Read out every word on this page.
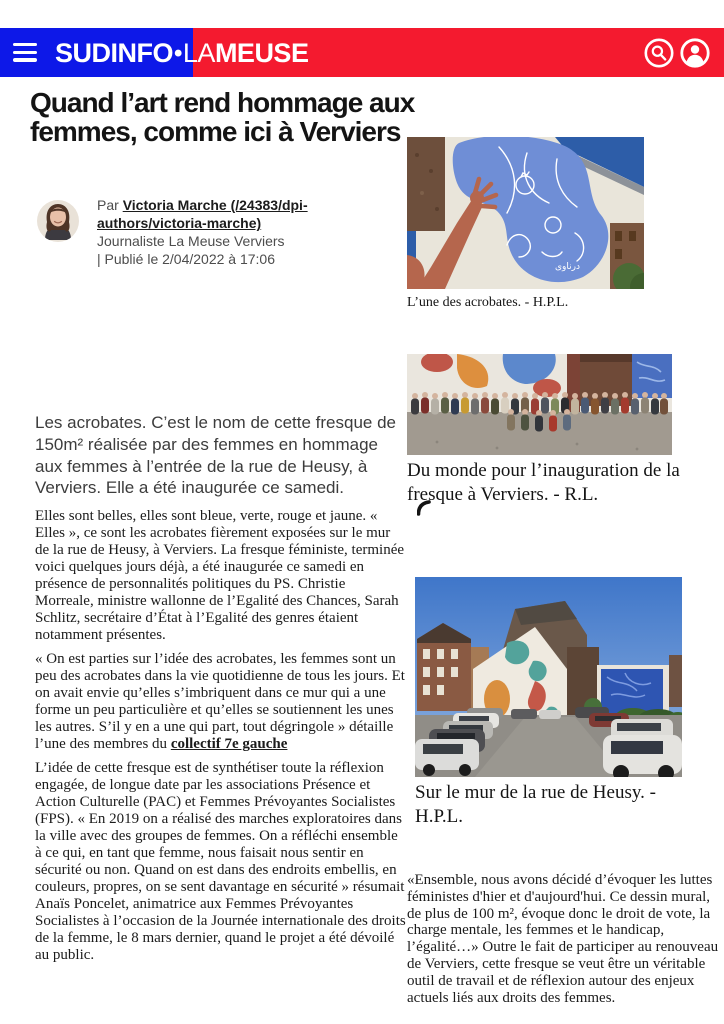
SUDINFO•LAMEUSE
Quand l’art rend hommage aux femmes, comme ici à Verviers
Par Victoria Marche (/24383/dpi-authors/victoria-marche)
Journaliste La Meuse Verviers
| Publié le 2/04/2022 à 17:06	درناوی
L’une des acrobates. - H.P.L.
Du monde pour l’inauguration de la fresque à Verviers. - R.L.
Sur le mur de la rue de Heusy. - H.P.L.

Les acrobates. C’est le nom de cette fresque de 150m² réalisée par des femmes en hommage aux femmes à l’entrée de la rue de Heusy, à Verviers. Elle a été inaugurée ce samedi.

Elles sont belles, elles sont bleue, verte, rouge et jaune. « Elles », ce sont les acrobates fièrement exposées sur le mur de la rue de Heusy, à Verviers. La fresque féministe, terminée voici quelques jours déjà, a été inaugurée ce samedi en présence de personnalités politiques du PS. Christie Morreale, ministre wallonne de l’Egalité des Chances, Sarah Schlitz, secrétaire d’État à l’Egalité des genres étaient notamment présentes.

« On est parties sur l’idée des acrobates, les femmes sont un peu des acrobates dans la vie quotidienne de tous les jours. Et on avait envie qu’elles s’imbriquent dans ce mur qui a une forme un peu particulière et qu’elles se soutiennent les unes les autres. S’il y en a une qui part, tout dégringole » détaille l’une des membres du collectif 7e gauche

L’idée de cette fresque est de synthétiser toute la réflexion engagée, de longue date par les associations Présence et Action Culturelle (PAC) et Femmes Prévoyantes Socialistes (FPS). « En 2019 on a réalisé des marches exploratoires dans la ville avec des groupes de femmes. On a réfléchi ensemble à ce qui, en tant que femme, nous faisait nous sentir en sécurité ou non. Quand on est dans des endroits embellis, en couleurs, propres, on se sent davantage en sécurité » résumait Anaïs Poncelet, animatrice aux Femmes Prévoyantes Socialistes à l’occasion de la Journée internationale des droits de la femme, le 8 mars dernier, quand le projet a été dévoilé au public.

«Ensemble, nous avons décidé d’évoquer les luttes féministes d'hier et d'aujourd'hui. Ce dessin mural, de plus de 100 m², évoque donc le droit de vote, la charge mentale, les femmes et le handicap, l’égalité…» Outre le fait de participer au renouveau de Verviers, cette fresque se veut être un véritable outil de travail et de réflexion autour des enjeux actuels liés aux droits des femmes.
